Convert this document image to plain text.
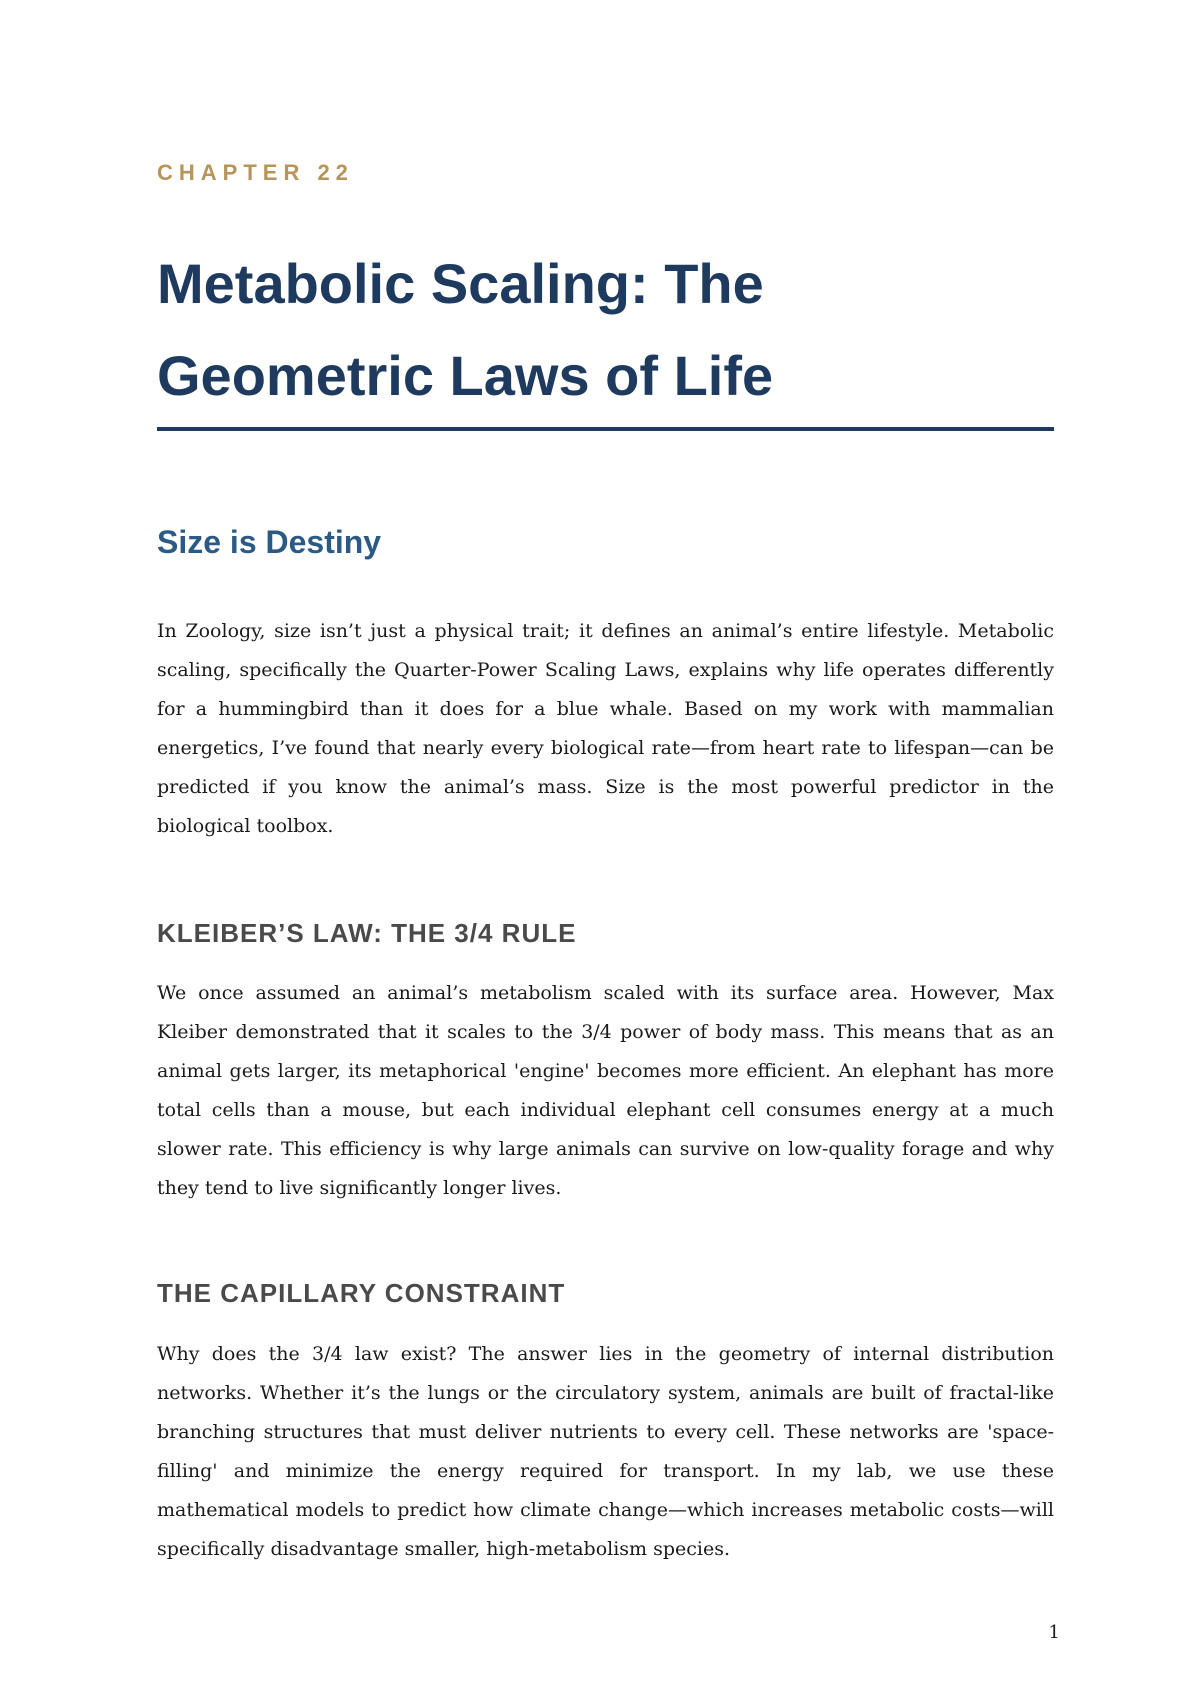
CHAPTER 22

Metabolic Scaling: The
Geometric Laws of Life
Size is Destiny

In Zoology, size isn’t just a physical trait; it defines an animal’s entire lifestyle. Metabolic scaling, specifically the Quarter-Power Scaling Laws, explains why life operates differently for a hummingbird than it does for a blue whale. Based on my work with mammalian energetics, I’ve found that nearly every biological rate—from heart rate to lifespan—can be predicted if you know the animal’s mass. Size is the most powerful predictor in the biological toolbox.

KLEIBER’S LAW: THE 3/4 RULE

We once assumed an animal’s metabolism scaled with its surface area. However, Max Kleiber demonstrated that it scales to the 3/4 power of body mass. This means that as an animal gets larger, its metaphorical 'engine' becomes more efficient. An elephant has more total cells than a mouse, but each individual elephant cell consumes energy at a much slower rate. This efficiency is why large animals can survive on low-quality forage and why they tend to live significantly longer lives.

THE CAPILLARY CONSTRAINT

Why does the 3/4 law exist? The answer lies in the geometry of internal distribution networks. Whether it’s the lungs or the circulatory system, animals are built of fractal-like branching structures that must deliver nutrients to every cell. These networks are 'space-filling' and minimize the energy required for transport. In my lab, we use these mathematical models to predict how climate change—which increases metabolic costs—will specifically disadvantage smaller, high-metabolism species.

1
